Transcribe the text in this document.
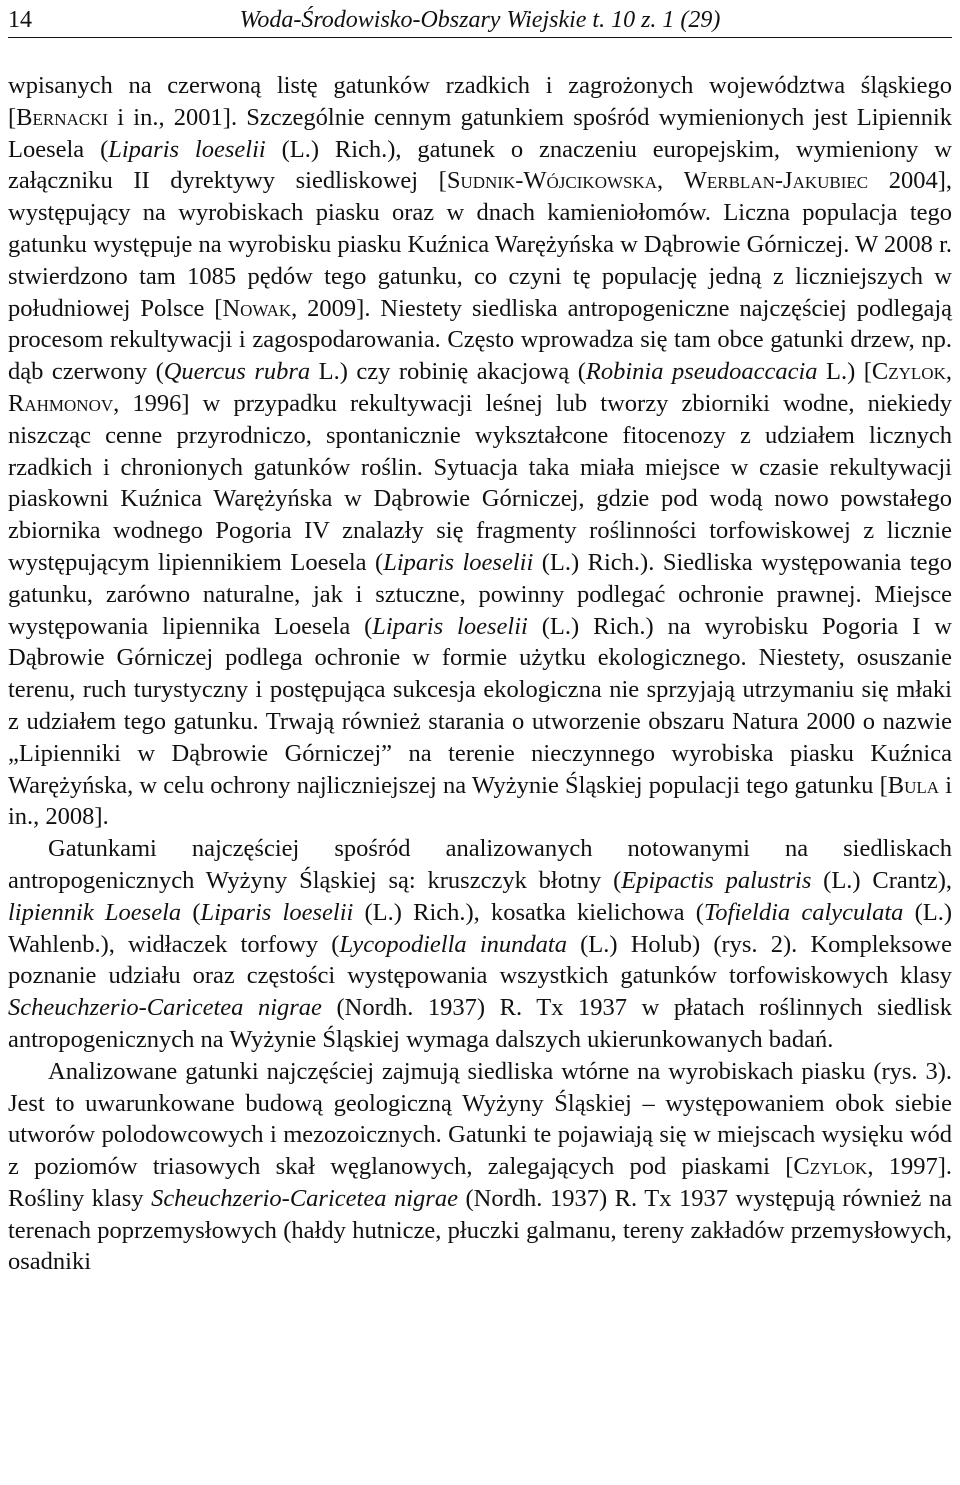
14	Woda-Środowisko-Obszary Wiejskie t. 10 z. 1 (29)

wpisanych na czerwoną listę gatunków rzadkich i zagrożonych województwa śląskiego [Bernacki i in., 2001]. Szczególnie cennym gatunkiem spośród wymienionych jest Lipiennik Loesela (Liparis loeselii (L.) Rich.), gatunek o znaczeniu europejskim, wymieniony w załączniku II dyrektywy siedliskowej [Sudnik-Wójcikowska, Werblan-Jakubiec 2004], występujący na wyrobiskach piasku oraz w dnach kamieniołomów. Liczna populacja tego gatunku występuje na wyrobisku piasku Kuźnica Warężyńska w Dąbrowie Górniczej. W 2008 r. stwierdzono tam 1085 pędów tego gatunku, co czyni tę populację jedną z liczniejszych w południowej Polsce [Nowak, 2009]. Niestety siedliska antropogeniczne najczęściej podlegają procesom rekultywacji i zagospodarowania. Często wprowadza się tam obce gatunki drzew, np. dąb czerwony (Quercus rubra L.) czy robinię akacjową (Robinia pseudoaccacia L.) [Czylok, Rahmonov, 1996] w przypadku rekultywacji leśnej lub tworzy zbiorniki wodne, niekiedy niszcząc cenne przyrodniczo, spontanicznie wykształcone fitocenozy z udziałem licznych rzadkich i chronionych gatunków roślin. Sytuacja taka miała miejsce w czasie rekultywacji piaskowni Kuźnica Warężyńska w Dąbrowie Górniczej, gdzie pod wodą nowo powstałego zbiornika wodnego Pogoria IV znalazły się fragmenty roślinności torfowiskowej z licznie występującym lipiennikiem Loesela (Liparis loeselii (L.) Rich.). Siedliska występowania tego gatunku, zarówno naturalne, jak i sztuczne, powinny podlegać ochronie prawnej. Miejsce występowania lipiennika Loesela (Liparis loeselii (L.) Rich.) na wyrobisku Pogoria I w Dąbrowie Górniczej podlega ochronie w formie użytku ekologicznego. Niestety, osuszanie terenu, ruch turystyczny i postępująca sukcesja ekologiczna nie sprzyjają utrzymaniu się młaki z udziałem tego gatunku. Trwają również starania o utworzenie obszaru Natura 2000 o nazwie „Lipienniki w Dąbrowie Górniczej” na terenie nieczynnego wyrobiska piasku Kuźnica Warężyńska, w celu ochrony najliczniejszej na Wyżynie Śląskiej populacji tego gatunku [Bula i in., 2008].

Gatunkami najczęściej spośród analizowanych notowanymi na siedliskach antropogenicznych Wyżyny Śląskiej są: kruszczyk błotny (Epipactis palustris (L.) Crantz), lipiennik Loesela (Liparis loeselii (L.) Rich.), kosatka kielichowa (Tofieldia calyculata (L.) Wahlenb.), widłaczek torfowy (Lycopodiella inundata (L.) Holub) (rys. 2). Kompleksowe poznanie udziału oraz częstości występowania wszystkich gatunków torfowiskowych klasy Scheuchzerio-Caricetea nigrae (Nordh. 1937) R. Tx 1937 w płatach roślinnych siedlisk antropogenicznych na Wyżynie Śląskiej wymaga dalszych ukierunkowanych badań.

Analizowane gatunki najczęściej zajmują siedliska wtórne na wyrobiskach piasku (rys. 3). Jest to uwarunkowane budową geologiczną Wyżyny Śląskiej – występowaniem obok siebie utworów polodowcowych i mezozoicznych. Gatunki te pojawiają się w miejscach wysięku wód z poziomów triasowych skał węglanowych, zalegających pod piaskami [Czylok, 1997]. Rośliny klasy Scheuchzerio-Caricetea nigrae (Nordh. 1937) R. Tx 1937 występują również na terenach poprzemysłowych (hałdy hutnicze, płuczki galmanu, tereny zakładów przemysłowych, osadniki
